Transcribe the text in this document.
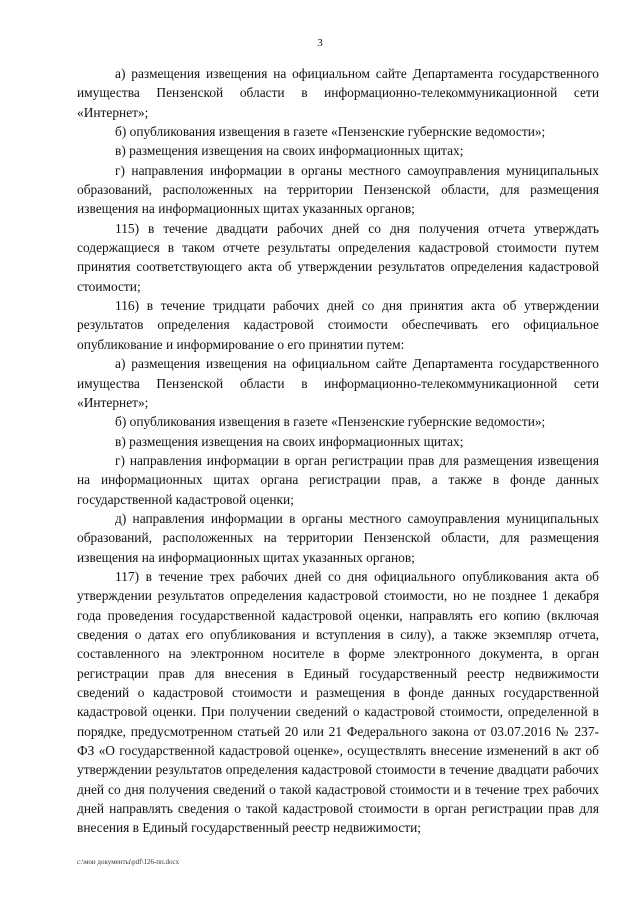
3

а) размещения извещения на официальном сайте Департамента государственного имущества Пензенской области в информационно-телекоммуникационной сети «Интернет»;

б) опубликования извещения в газете «Пензенские губернские ведомости»;

в) размещения извещения на своих информационных щитах;

г) направления информации в органы местного самоуправления муниципальных образований, расположенных на территории Пензенской области, для размещения извещения на информационных щитах указанных органов;

115) в течение двадцати рабочих дней со дня получения отчета утверждать содержащиеся в таком отчете результаты определения кадастровой стоимости путем принятия соответствующего акта об утверждении результатов определения кадастровой стоимости;

116) в течение тридцати рабочих дней со дня принятия акта об утверждении результатов определения кадастровой стоимости обеспечивать его официальное опубликование и информирование о его принятии путем:

а) размещения извещения на официальном сайте Департамента государственного имущества Пензенской области в информационно-телекоммуникационной сети «Интернет»;

б) опубликования извещения в газете «Пензенские губернские ведомости»;

в) размещения извещения на своих информационных щитах;

г) направления информации в орган регистрации прав для размещения извещения на информационных щитах органа регистрации прав, а также в фонде данных государственной кадастровой оценки;

д) направления информации в органы местного самоуправления муниципальных образований, расположенных на территории Пензенской области, для размещения извещения на информационных щитах указанных органов;

117) в течение трех рабочих дней со дня официального опубликования акта об утверждении результатов определения кадастровой стоимости, но не позднее 1 декабря года проведения государственной кадастровой оценки, направлять его копию (включая сведения о датах его опубликования и вступления в силу), а также экземпляр отчета, составленного на электронном носителе в форме электронного документа, в орган регистрации прав для внесения в Единый государственный реестр недвижимости сведений о кадастровой стоимости и размещения в фонде данных государственной кадастровой оценки. При получении сведений о кадастровой стоимости, определенной в порядке, предусмотренном статьей 20 или 21 Федерального закона от 03.07.2016 № 237-ФЗ «О государственной кадастровой оценке», осуществлять внесение изменений в акт об утверждении результатов определения кадастровой стоимости в течение двадцати рабочих дней со дня получения сведений о такой кадастровой стоимости и в течение трех рабочих дней направлять сведения о такой кадастровой стоимости в орган регистрации прав для внесения в Единый государственный реестр недвижимости;

c:\мои документы\pdf\126-пп.docx
